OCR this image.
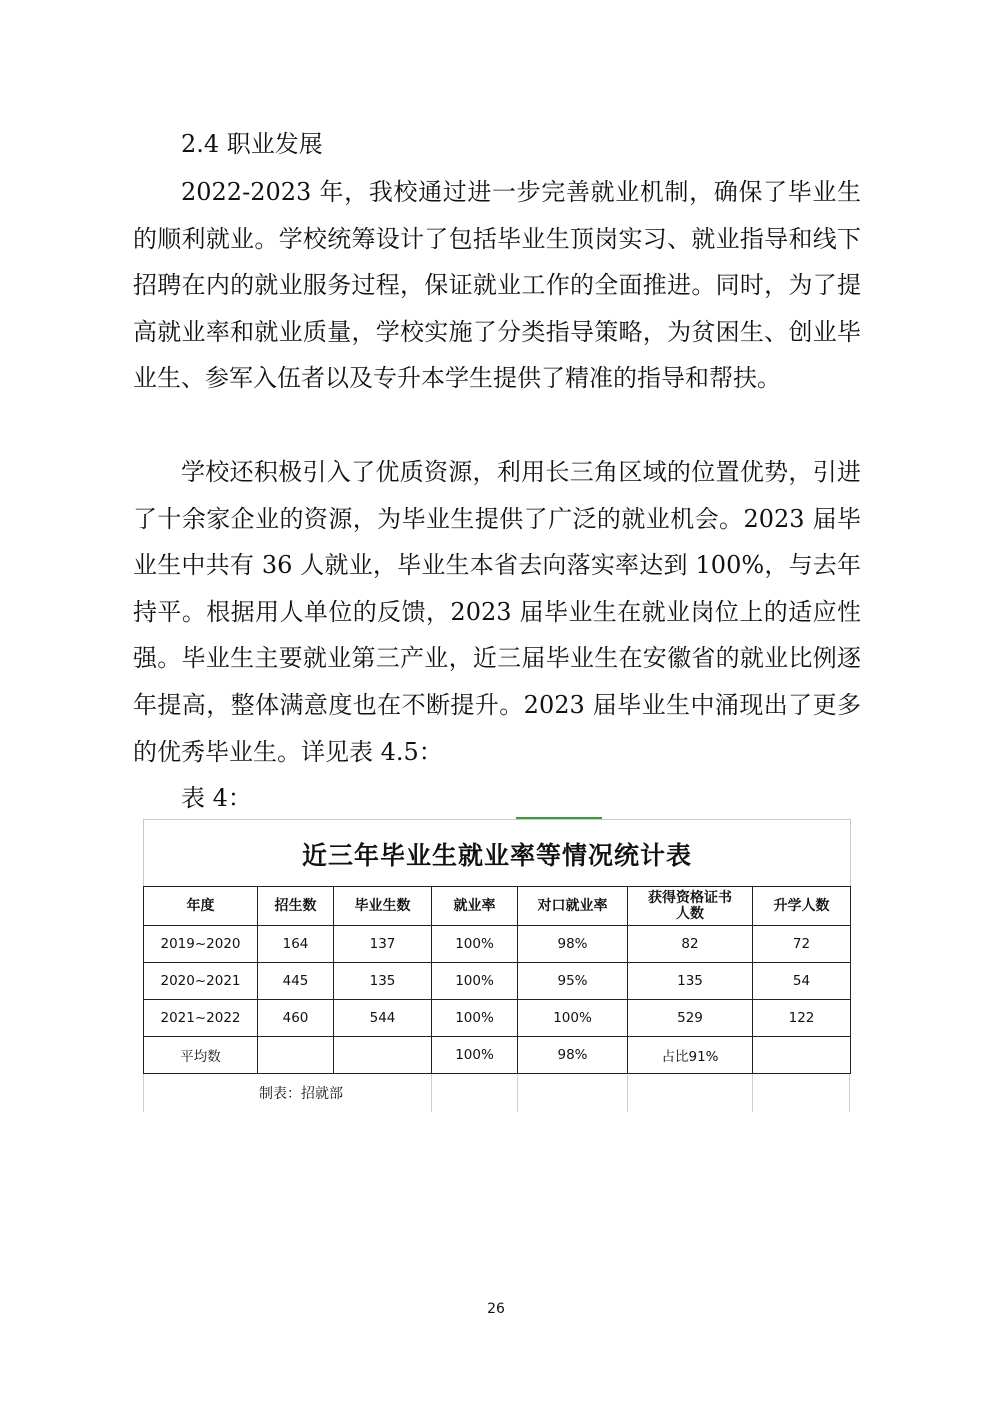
2.4 职业发展

2022-2023 年，我校通过进一步完善就业机制，确保了毕业生的顺利就业。学校统筹设计了包括毕业生顶岗实习、就业指导和线下招聘在内的就业服务过程，保证就业工作的全面推进。同时，为了提高就业率和就业质量，学校实施了分类指导策略，为贫困生、创业毕业生、参军入伍者以及专升本学生提供了精准的指导和帮扶。

学校还积极引入了优质资源，利用长三角区域的位置优势，引进了十余家企业的资源，为毕业生提供了广泛的就业机会。2023 届毕业生中共有 36 人就业，毕业生本省去向落实率达到 100%，与去年持平。根据用人单位的反馈，2023 届毕业生在就业岗位上的适应性强。毕业生主要就业第三产业，近三届毕业生在安徽省的就业比例逐年提高，整体满意度也在不断提升。2023 届毕业生中涌现出了更多的优秀毕业生。详见表 4.5：

表 4：
近三年毕业生就业率等情况统计表
年度	招生数	毕业生数	就业率	对口就业率	获得资格证书人数	升学人数
2019~2020	164	137	100%	98%	82	72
2020~2021	445	135	100%	95%	135	54
2021~2022	460	544	100%	100%	529	122
平均数			100%	98%	占比91%	
制表：招就部
26
